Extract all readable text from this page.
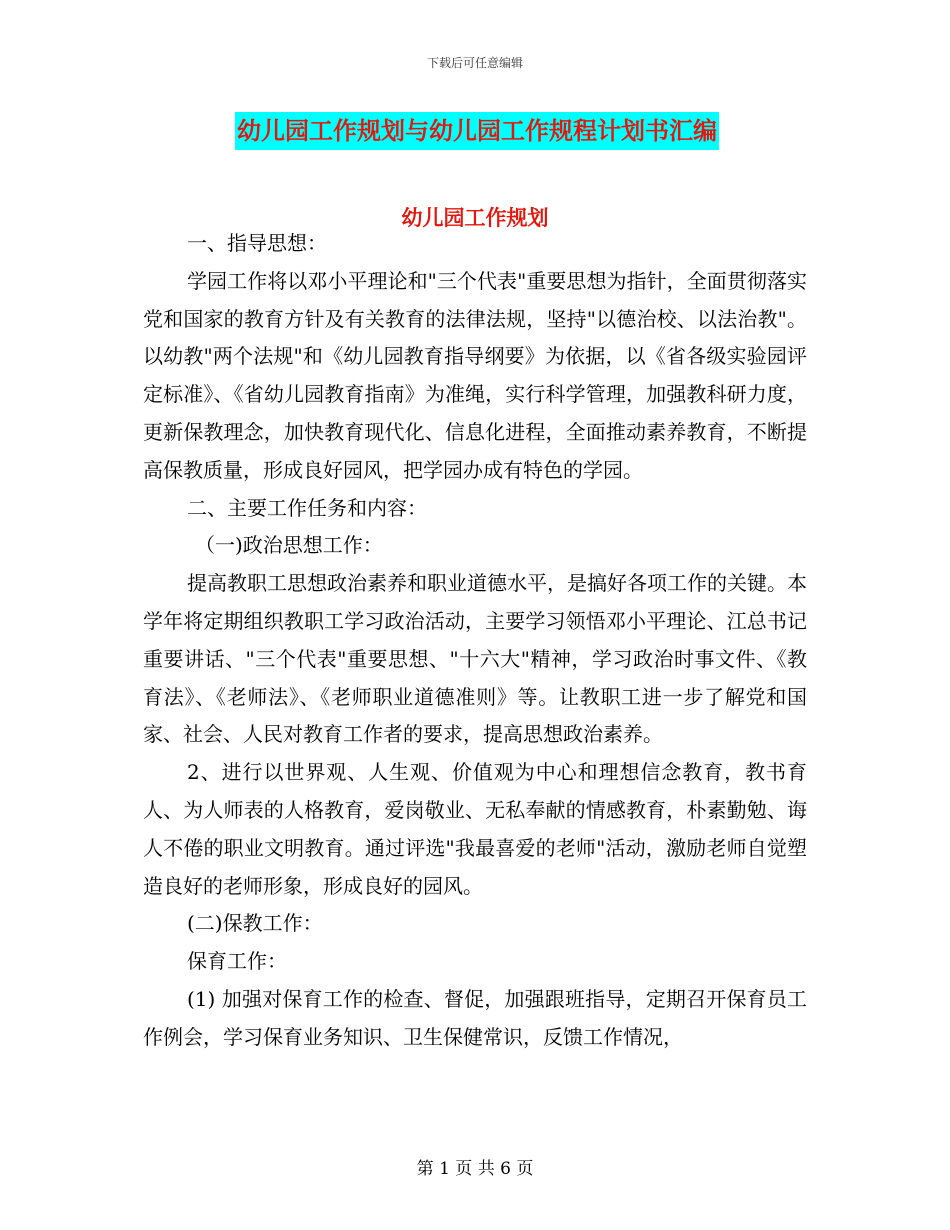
下载后可任意编辑
幼儿园工作规划与幼儿园工作规程计划书汇编
幼儿园工作规划

一、指导思想：

学园工作将以邓小平理论和"三个代表"重要思想为指针，全面贯彻落实党和国家的教育方针及有关教育的法律法规，坚持"以德治校、以法治教"。以幼教"两个法规"和《幼儿园教育指导纲要》为依据，以《省各级实验园评定标准》、《省幼儿园教育指南》为准绳，实行科学管理，加强教科研力度，更新保教理念，加快教育现代化、信息化进程，全面推动素养教育，不断提高保教质量，形成良好园风，把学园办成有特色的学园。

二、主要工作任务和内容：

（一)政治思想工作：

提高教职工思想政治素养和职业道德水平，是搞好各项工作的关键。本学年将定期组织教职工学习政治活动，主要学习领悟邓小平理论、江总书记重要讲话、"三个代表"重要思想、"十六大"精神，学习政治时事文件、《教育法》、《老师法》、《老师职业道德准则》等。让教职工进一步了解党和国家、社会、人民对教育工作者的要求，提高思想政治素养。

2、进行以世界观、人生观、价值观为中心和理想信念教育，教书育人、为人师表的人格教育，爱岗敬业、无私奉献的情感教育，朴素勤勉、诲人不倦的职业文明教育。通过评选"我最喜爱的老师"活动，激励老师自觉塑造良好的老师形象，形成良好的园风。

(二)保教工作：

保育工作：

(1) 加强对保育工作的检查、督促，加强跟班指导，定期召开保育员工作例会，学习保育业务知识、卫生保健常识，反馈工作情况，

第 1 页 共 6 页
